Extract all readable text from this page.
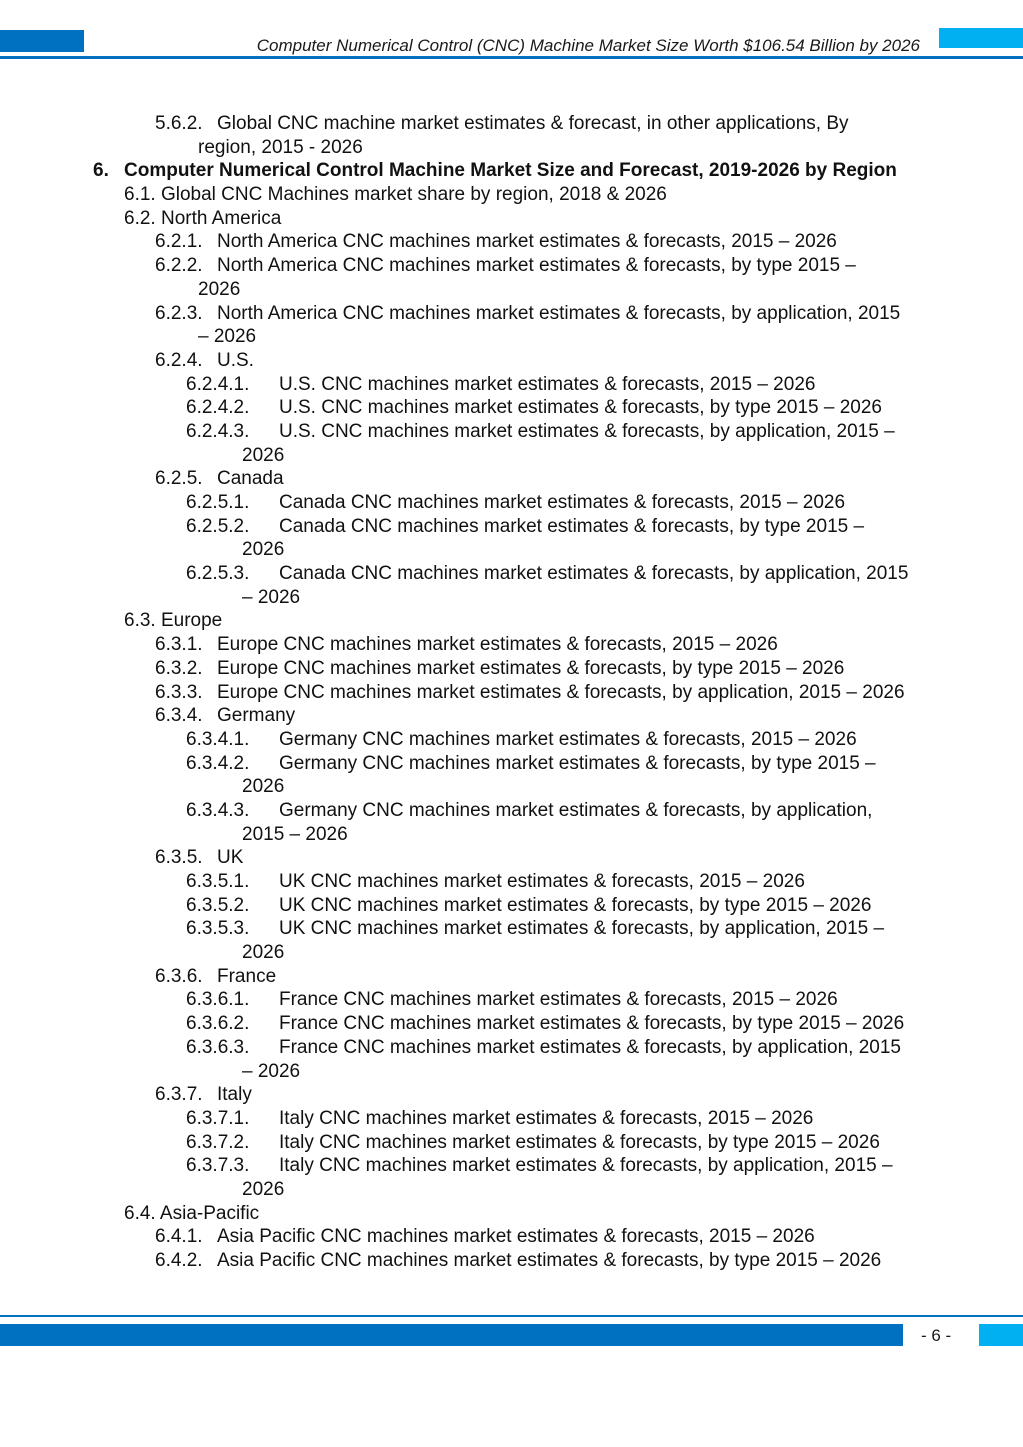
Computer Numerical Control (CNC) Machine Market Size Worth $106.54 Billion by 2026
5.6.2. Global CNC machine market estimates & forecast, in other applications, By
region, 2015 - 2026
6. Computer Numerical Control Machine Market Size and Forecast, 2019-2026 by Region
6.1. Global CNC Machines market share by region, 2018 & 2026
6.2. North America
6.2.1. North America CNC machines market estimates & forecasts, 2015 – 2026
6.2.2. North America CNC machines market estimates & forecasts, by type 2015 –
2026
6.2.3. North America CNC machines market estimates & forecasts, by application, 2015
– 2026
6.2.4. U.S.
6.2.4.1. U.S. CNC machines market estimates & forecasts, 2015 – 2026
6.2.4.2. U.S. CNC machines market estimates & forecasts, by type 2015 – 2026
6.2.4.3. U.S. CNC machines market estimates & forecasts, by application, 2015 –
2026
6.2.5. Canada
6.2.5.1. Canada CNC machines market estimates & forecasts, 2015 – 2026
6.2.5.2. Canada CNC machines market estimates & forecasts, by type 2015 –
2026
6.2.5.3. Canada CNC machines market estimates & forecasts, by application, 2015
– 2026
6.3. Europe
6.3.1. Europe CNC machines market estimates & forecasts, 2015 – 2026
6.3.2. Europe CNC machines market estimates & forecasts, by type 2015 – 2026
6.3.3. Europe CNC machines market estimates & forecasts, by application, 2015 – 2026
6.3.4. Germany
6.3.4.1. Germany CNC machines market estimates & forecasts, 2015 – 2026
6.3.4.2. Germany CNC machines market estimates & forecasts, by type 2015 –
2026
6.3.4.3. Germany CNC machines market estimates & forecasts, by application,
2015 – 2026
6.3.5. UK
6.3.5.1. UK CNC machines market estimates & forecasts, 2015 – 2026
6.3.5.2. UK CNC machines market estimates & forecasts, by type 2015 – 2026
6.3.5.3. UK CNC machines market estimates & forecasts, by application, 2015 –
2026
6.3.6. France
6.3.6.1. France CNC machines market estimates & forecasts, 2015 – 2026
6.3.6.2. France CNC machines market estimates & forecasts, by type 2015 – 2026
6.3.6.3. France CNC machines market estimates & forecasts, by application, 2015
– 2026
6.3.7. Italy
6.3.7.1. Italy CNC machines market estimates & forecasts, 2015 – 2026
6.3.7.2. Italy CNC machines market estimates & forecasts, by type 2015 – 2026
6.3.7.3. Italy CNC machines market estimates & forecasts, by application, 2015 –
2026
6.4. Asia-Pacific
6.4.1. Asia Pacific CNC machines market estimates & forecasts, 2015 – 2026
6.4.2. Asia Pacific CNC machines market estimates & forecasts, by type 2015 – 2026
- 6 -
